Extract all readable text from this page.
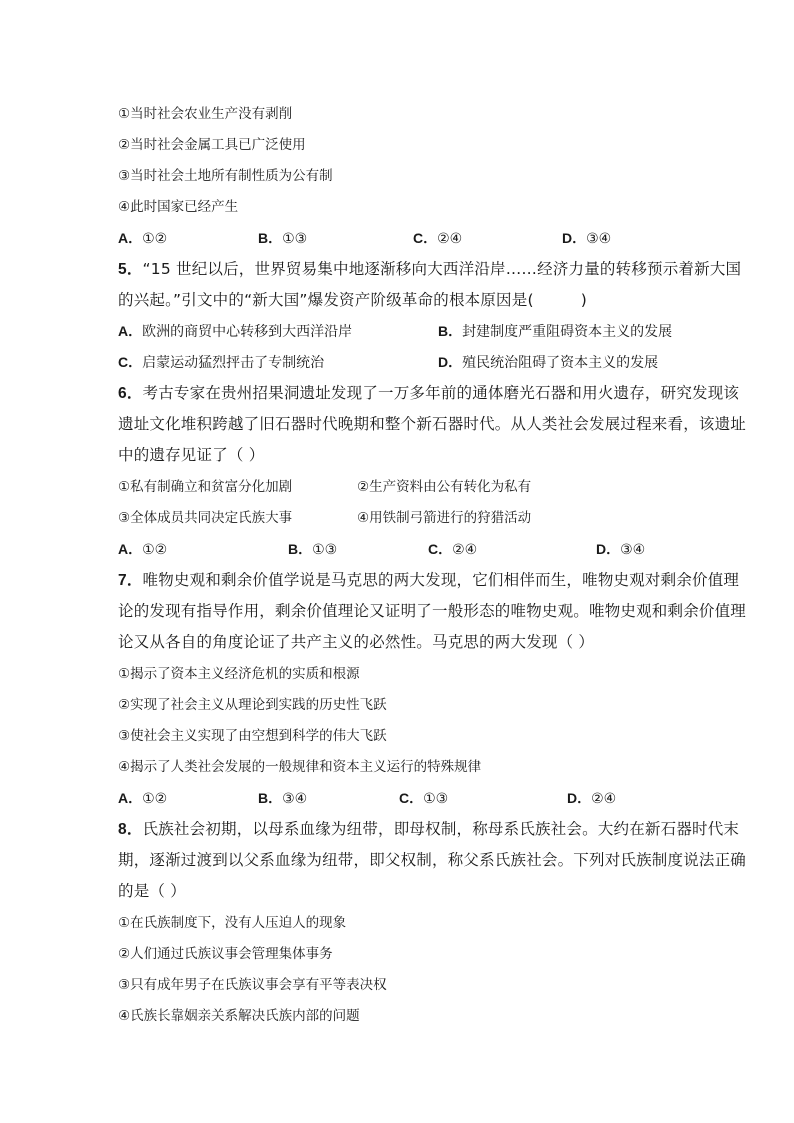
①当时社会农业生产没有剥削
②当时社会金属工具已广泛使用
③当时社会土地所有制性质为公有制
④此时国家已经产生
A．①②	B．①③	C．②④	D．③④
5．“15 世纪以后，世界贸易集中地逐渐移向大西洋沿岸……经济力量的转移预示着新大国
的兴起。”引文中的“新大国”爆发资产阶级革命的根本原因是(　　　)
A．欧洲的商贸中心转移到大西洋沿岸	B．封建制度严重阻碍资本主义的发展
C．启蒙运动猛烈抨击了专制统治	D．殖民统治阻碍了资本主义的发展
6．考古专家在贵州招果洞遗址发现了一万多年前的通体磨光石器和用火遗存，研究发现该
遗址文化堆积跨越了旧石器时代晚期和整个新石器时代。从人类社会发展过程来看，该遗址
中的遗存见证了（ ）
①私有制确立和贫富分化加剧	②生产资料由公有转化为私有
③全体成员共同决定氏族大事	④用铁制弓箭进行的狩猎活动
A．①②	B．①③	C．②④	D．③④
7．唯物史观和剩余价值学说是马克思的两大发现，它们相伴而生，唯物史观对剩余价值理
论的发现有指导作用，剩余价值理论又证明了一般形态的唯物史观。唯物史观和剩余价值理
论又从各自的角度论证了共产主义的必然性。马克思的两大发现（ ）
①揭示了资本主义经济危机的实质和根源
②实现了社会主义从理论到实践的历史性飞跃
③使社会主义实现了由空想到科学的伟大飞跃
④揭示了人类社会发展的一般规律和资本主义运行的特殊规律
A．①②	B．③④	C．①③	D．②④
8．氏族社会初期，以母系血缘为纽带，即母权制，称母系氏族社会。大约在新石器时代末
期，逐渐过渡到以父系血缘为纽带，即父权制，称父系氏族社会。下列对氏族制度说法正确
的是（ ）
①在氏族制度下，没有人压迫人的现象
②人们通过氏族议事会管理集体事务
③只有成年男子在氏族议事会享有平等表决权
④氏族长靠姻亲关系解决氏族内部的问题
